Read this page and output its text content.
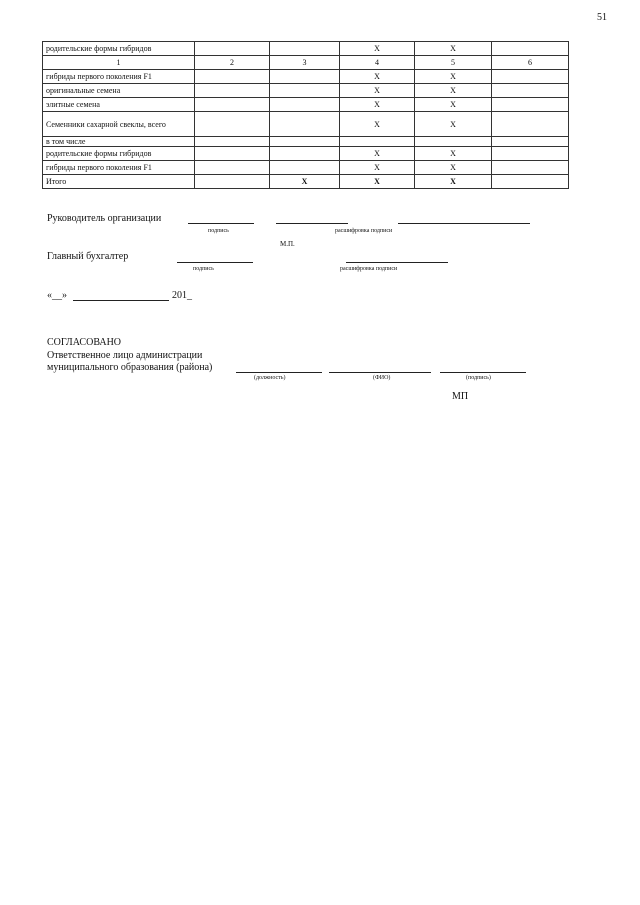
51
родительские формы гибридов			Х	Х	
1	2	3	4	5	6
гибриды первого поколения F1			Х	Х	
оригинальные семена			Х	Х	
элитные семена			Х	Х	
Семенники сахарной свеклы, всего			Х	Х	
в том числе					
родительские формы гибридов			Х	Х	
гибриды первого поколения F1			Х	Х	
Итого		Х	Х	Х	
Руководитель организации
подпись	расшифровка подписи
М.П.
Главный бухгалтер
подпись	расшифровка подписи
«__»	201_
СОГЛАСОВАНО
Ответственное лицо администрации
муниципального образования (района)
(должность)	(ФИО)	(подпись)
МП
